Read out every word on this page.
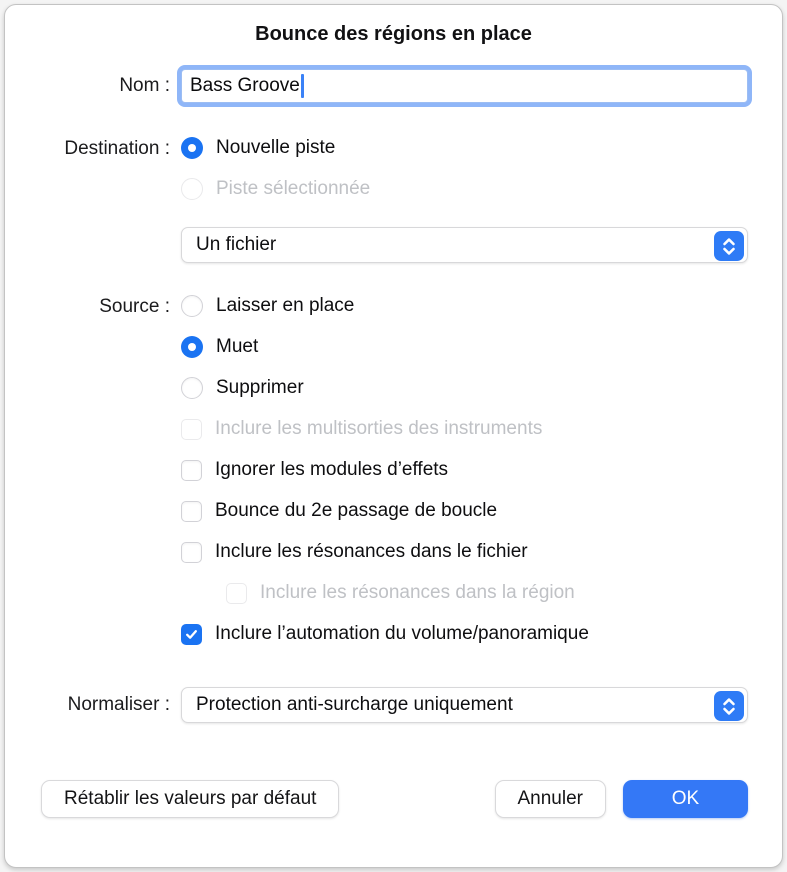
Bounce des régions en place
Nom :	Bass Groove
Destination :	Nouvelle piste
Piste sélectionnée
Un fichier
Source :	Laisser en place
Muet
Supprimer
Inclure les multisorties des instruments
Ignorer les modules d’effets
Bounce du 2e passage de boucle
Inclure les résonances dans le fichier
Inclure les résonances dans la région
Inclure l’automation du volume/panoramique
Normaliser :	Protection anti-surcharge uniquement
Rétablir les valeurs par défaut	Annuler	OK
